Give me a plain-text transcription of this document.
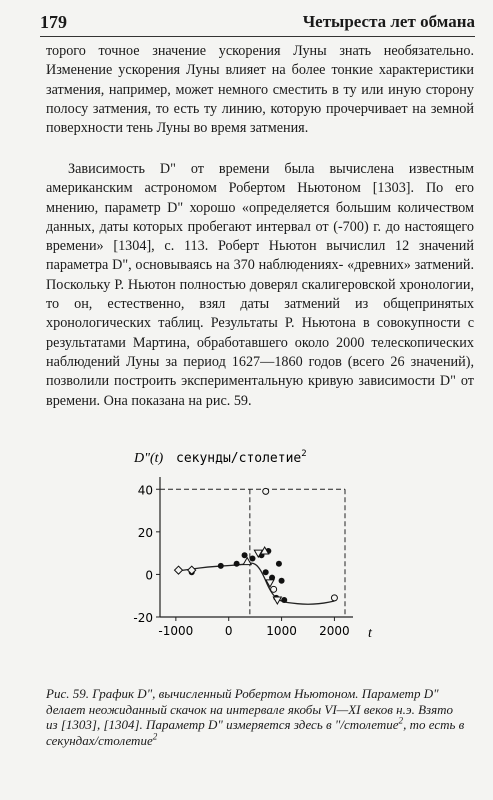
179	Четыреста лет обмана

торого точное значение ускорения Луны знать необязательно. Изменение ускорения Луны влияет на более тонкие характеристики затмения, например, может немного сместить в ту или иную сторону полосу затмения, то есть ту линию, которую прочерчивает на земной поверхности тень Луны во время затмения.

Зависимость D" от времени была вычислена известным американским астрономом Робертом Ньютоном [1303]. По его мнению, параметр D" хорошо «определяется большим количеством данных, даты которых пробегают интервал от (-700) г. до настоящего времени» [1304], с. 113. Роберт Ньютон вычислил 12 значений параметра D", основываясь на 370 наблюдениях- «древних» затмений. Поскольку Р. Ньютон полностью доверял скалигеровской хронологии, то он, естественно, взял даты затмений из общепринятых хронологических таблиц. Результаты Р. Ньютона в совокупности с результатами Мартина, обработавшего около 2000 телескопических наблюдений Луны за период 1627—1860 годов (всего 26 значений), позволили построить экспериментальную кривую зависимости D" от времени. Она показана на рис. 59.

-20
0
20
40
-1000	0	1000 2000
D"(t) секунды/столетие$^2$
t

Рис. 59. График D", вычисленный Робертом Ньютоном. Параметр D" делает неожиданный скачок на интервале якобы VI—XI веков н.э. Взято из [1303], [1304]. Параметр D" измеряется здесь в "/столетие$^2$, то есть в секундах/столетие$^2$
